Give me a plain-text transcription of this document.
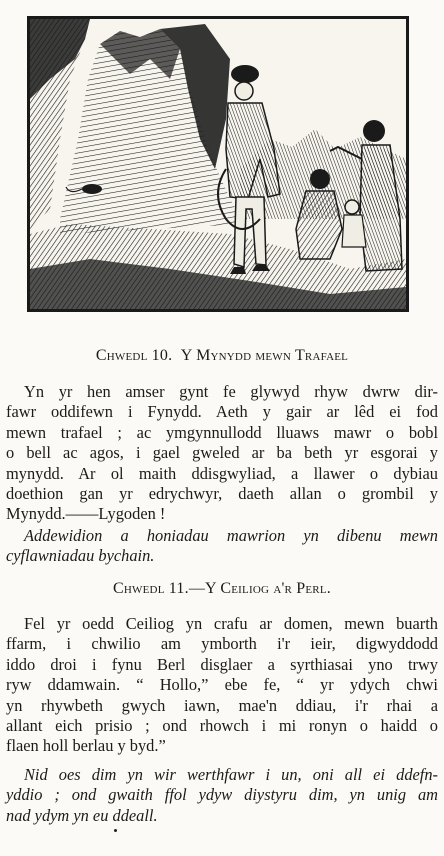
Chwedl 10. Y Mynydd mewn Trafael
Yn yr hen amser gynt fe glywyd rhyw dwrw dir-
fawr oddifewn i Fynydd. Aeth y gair ar lêd ei fod
mewn trafael ; ac ymgynnullodd lluaws mawr o bobl
o bell ac agos, i gael gweled ar ba beth yr esgorai y
mynydd. Ar ol maith ddisgwyliad, a llawer o dybiau
doethion gan yr edrychwyr, daeth allan o grombil y
Mynydd.——Lygoden !
Addewidion a honiadau mawrion yn dibenu mewn
cyflawniadau bychain.
Chwedl 11.—Y Ceiliog a'r Perl.
Fel yr oedd Ceiliog yn crafu ar domen, mewn buarth
ffarm, i chwilio am ymborth i'r ieir, digwyddodd
iddo droi i fynu Berl disglaer a syrthiasai yno trwy
ryw ddamwain. “ Hollo,” ebe fe, “ yr ydych chwi
yn rhywbeth gwych iawn, mae'n ddiau, i'r rhai a
allant eich prisio ; ond rhowch i mi ronyn o haidd o
flaen holl berlau y byd.”
Nid oes dim yn wir werthfawr i un, oni all ei ddefn-
yddio ; ond gwaith ffol ydyw diystyru dim, yn unig am
nad ydym yn eu ddeall.
